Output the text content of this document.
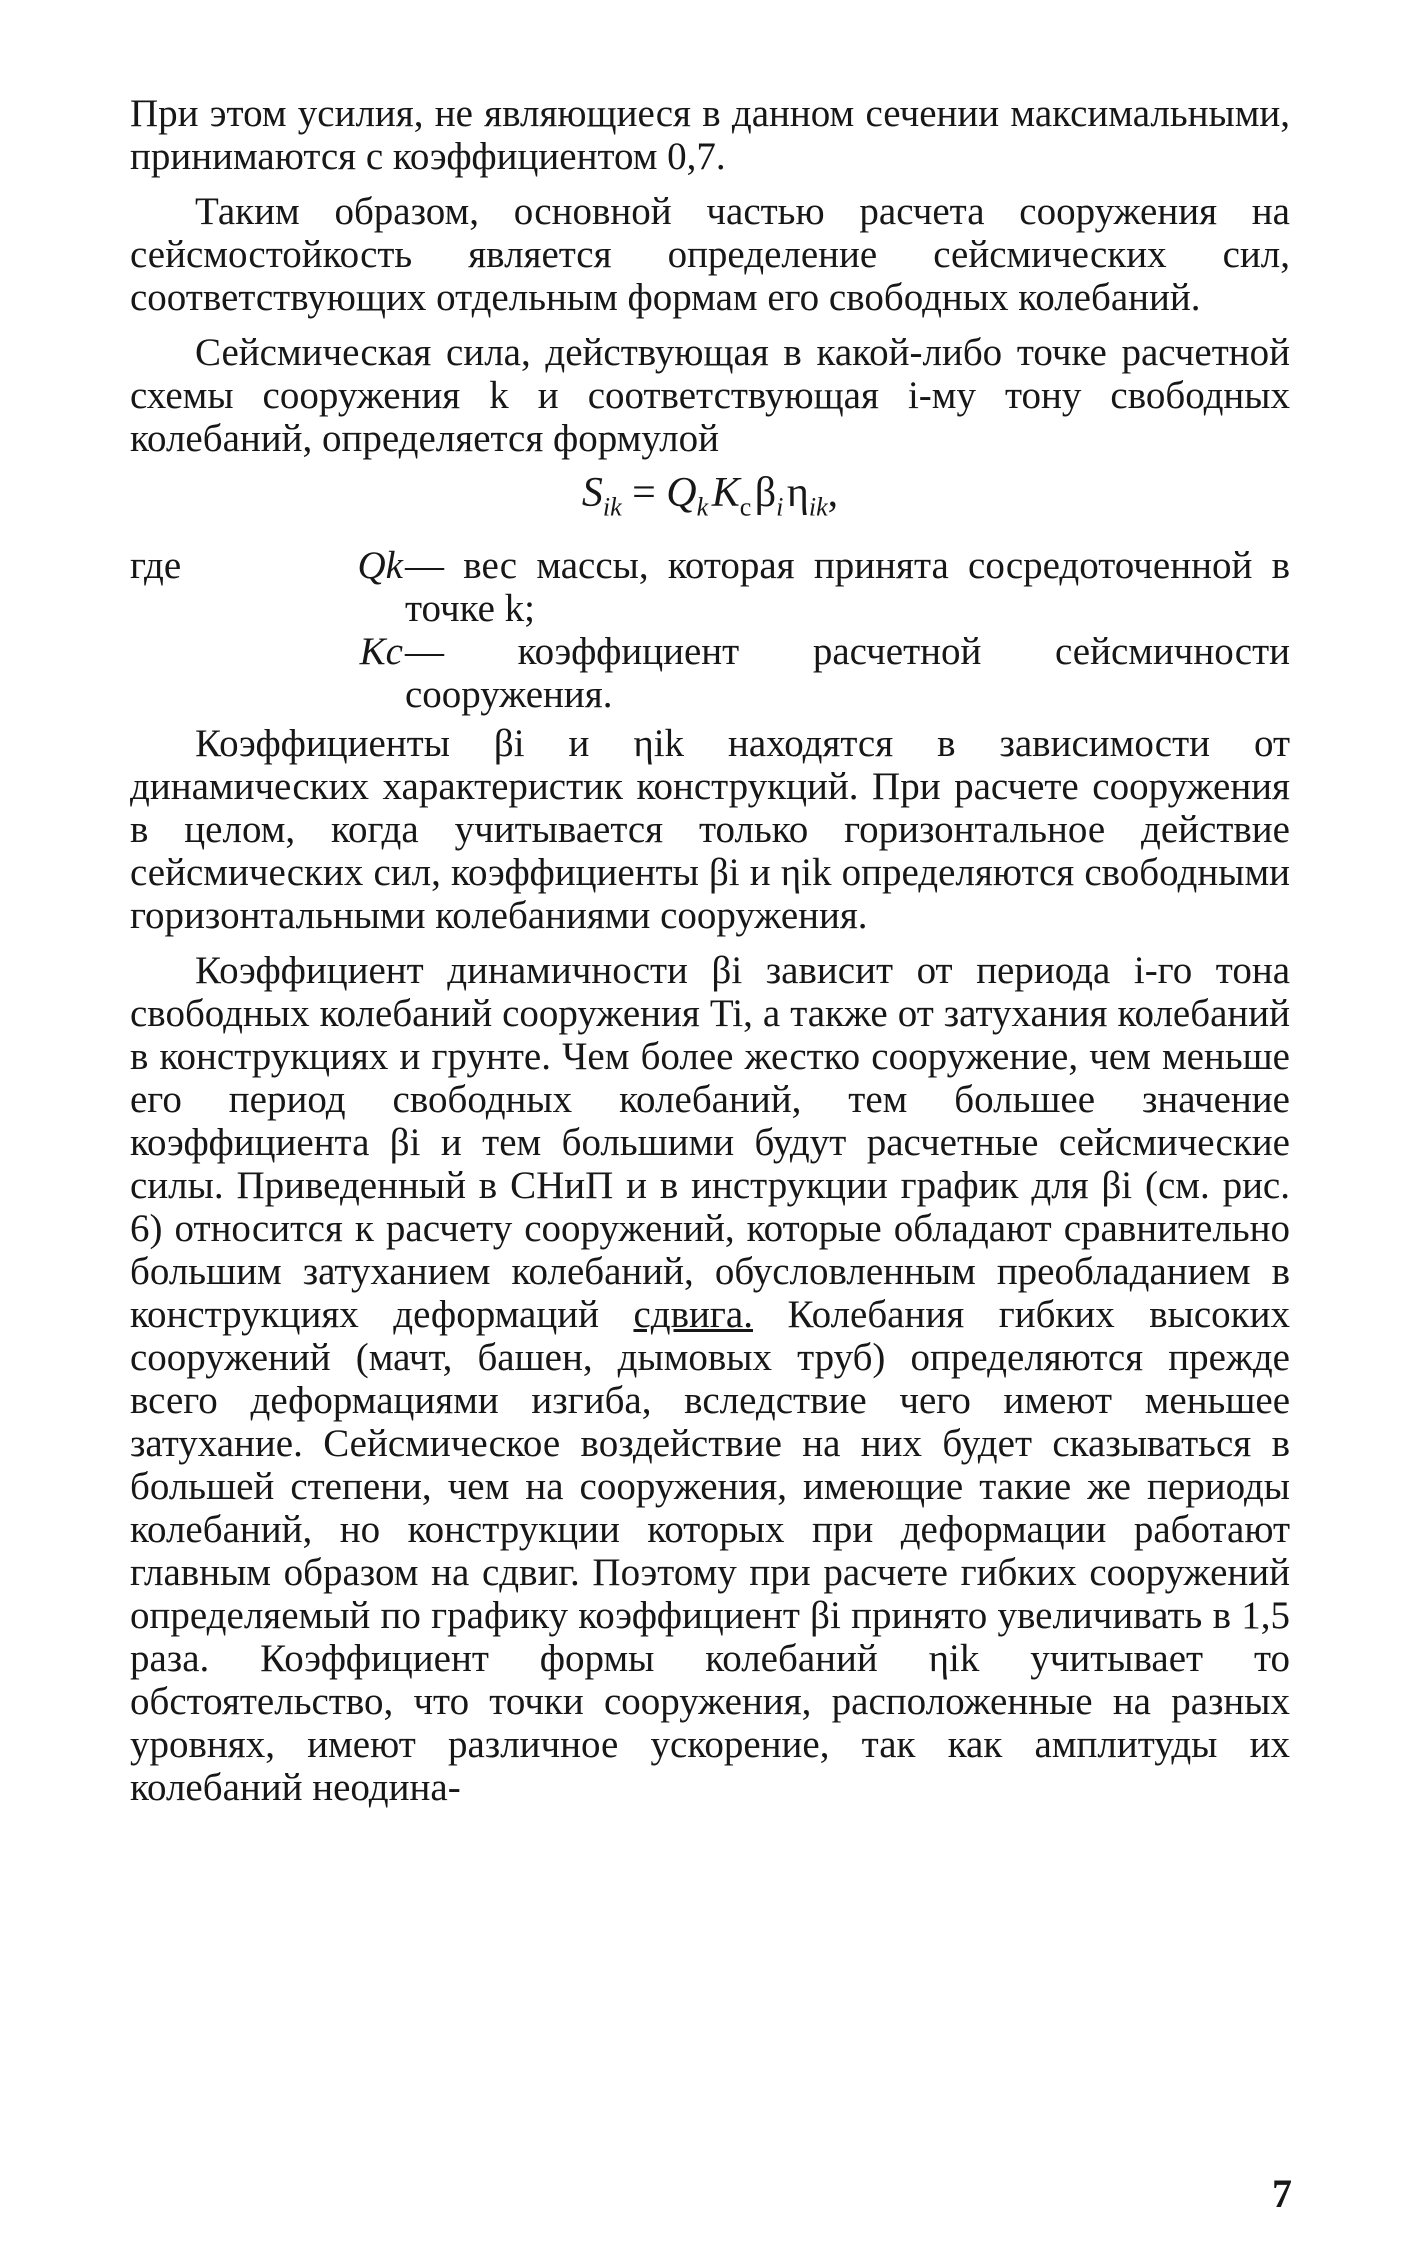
При этом усилия, не являющиеся в данном сечении максимальными, принимаются с коэффициентом 0,7.

Таким образом, основной частью расчета сооружения на сейсмостойкость является определение сейсмических сил, соответствующих отдельным формам его свободных колебаний.

Сейсмическая сила, действующая в какой-либо точке расчетной схемы сооружения k и соответствующая i-му тону свободных колебаний, определяется формулой

$S_{ik} = Q_k$ $K_c$ $\beta_i$ $\eta_{ik}$,
где	Qk — вес массы, которая принята сосредоточенной в точке k;
Kc — коэффициент расчетной сейсмичности сооружения.

Коэффициенты βi и ηik находятся в зависимости от динамических характеристик конструкций. При расчете сооружения в целом, когда учитывается только горизонтальное действие сейсмических сил, коэффициенты βi и ηik определяются свободными горизонтальными колебаниями сооружения.

Коэффициент динамичности βi зависит от периода i-го тона свободных колебаний сооружения Ti, а также от затухания колебаний в конструкциях и грунте. Чем более жестко сооружение, чем меньше его период свободных колебаний, тем большее значение коэффициента βi и тем большими будут расчетные сейсмические силы. Приведенный в СНиП и в инструкции график для βi (см. рис. 6) относится к расчету сооружений, которые обладают сравнительно большим затуханием колебаний, обусловленным преобладанием в конструкциях деформаций сдвига. Колебания гибких высоких сооружений (мачт, башен, дымовых труб) определяются прежде всего деформациями изгиба, вследствие чего имеют меньшее затухание. Сейсмическое воздействие на них будет сказываться в большей степени, чем на сооружения, имеющие такие же периоды колебаний, но конструкции которых при деформации работают главным образом на сдвиг. Поэтому при расчете гибких сооружений определяемый по графику коэффициент βi принято увеличивать в 1,5 раза. Коэффициент формы колебаний ηik учитывает то обстоятельство, что точки сооружения, расположенные на разных уровнях, имеют различное ускорение, так как амплитуды их колебаний неодина-

7
